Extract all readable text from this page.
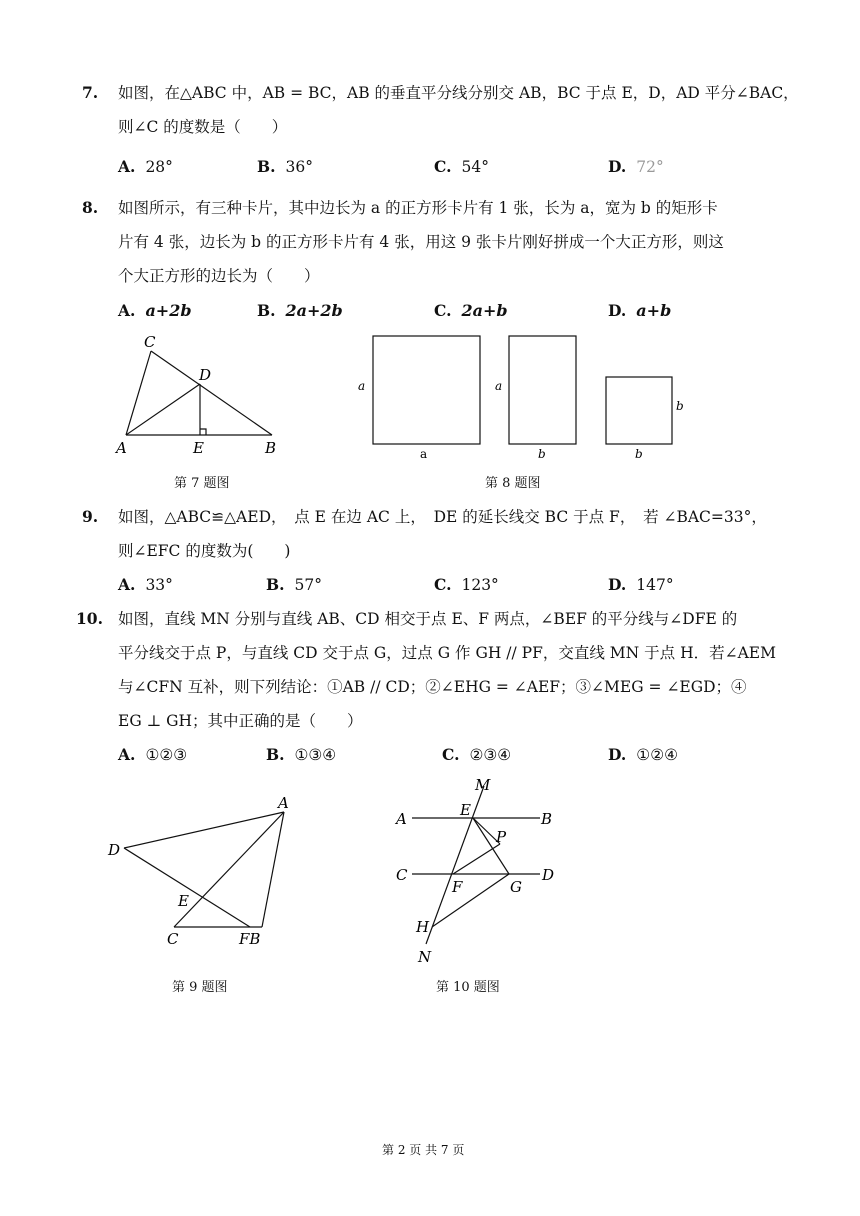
7. 如图，在△ABC 中，AB = BC，AB 的垂直平分线分别交 AB，BC 于点 E，D，AD 平分∠BAC，
则∠C 的度数是（　　）
A. 28°	B. 36°	C. 54°	D. 72°
8. 如图所示，有三种卡片，其中边长为 a 的正方形卡片有 1 张，长为 a，宽为 b 的矩形卡
片有 4 张，边长为 b 的正方形卡片有 4 张，用这 9 张卡片刚好拼成一个大正方形，则这
个大正方形的边长为（　　）
A. a+2b	B. 2a+2b	C. 2a+b	D. a+b
C
D
A	E	B
第 7 题图
a
a
a
b
b
b
第 8 题图
9. 如图，△ABC≌△AED，　点 E 在边 AC 上，　DE 的延长线交 BC 于点 F，　若 ∠BAC=33°，
则∠EFC 的度数为(　　)
A. 33°	B. 57°	C. 123°	D. 147°
10. 如图，直线 MN 分别与直线 AB、CD 相交于点 E、F 两点，∠BEF 的平分线与∠DFE 的
平分线交于点 P，与直线 CD 交于点 G，过点 G 作 GH // PF，交直线 MN 于点 H．若∠AEM
与∠CFN 互补，则下列结论：①AB // CD；②∠EHG = ∠AEF；③∠MEG = ∠EGD；④
EG ⊥ GH；其中正确的是（　　）
A. ①②③	B. ①③④	C. ②③④	D. ①②④
A
D
E
C	FB
第 9 题图
M
A	E	B
P
C
F	G
D
H
N
第 10 题图
第 2 页 共 7 页
